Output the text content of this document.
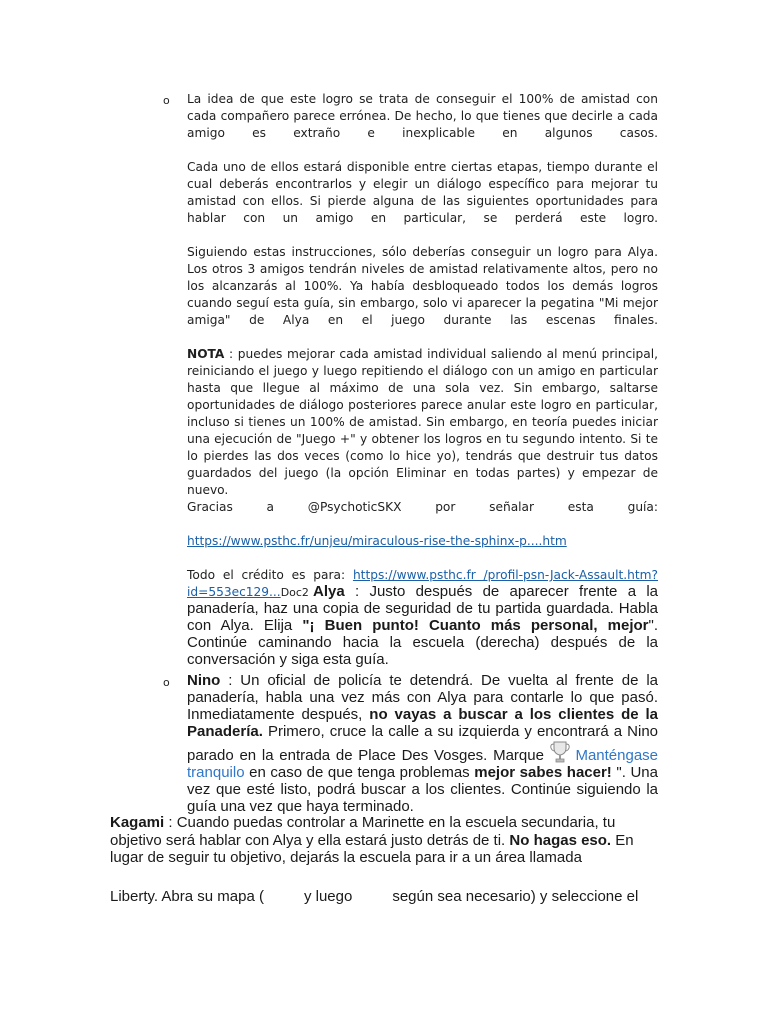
o La idea de que este logro se trata de conseguir el 100% de amistad con cada compañero parece errónea. De hecho, lo que tienes que decirle a cada amigo es extraño e inexplicable en algunos casos.
Cada uno de ellos estará disponible entre ciertas etapas, tiempo durante el cual deberás encontrarlos y elegir un diálogo específico para mejorar tu amistad con ellos. Si pierde alguna de las siguientes oportunidades para hablar con un amigo en particular, se perderá este logro.
Siguiendo estas instrucciones, sólo deberías conseguir un logro para Alya. Los otros 3 amigos tendrán niveles de amistad relativamente altos, pero no los alcanzarás al 100%. Ya había desbloqueado todos los demás logros cuando seguí esta guía, sin embargo, solo vi aparecer la pegatina "Mi mejor amiga" de Alya en el juego durante las escenas finales.
NOTA : puedes mejorar cada amistad individual saliendo al menú principal, reiniciando el juego y luego repitiendo el diálogo con un amigo en particular hasta que llegue al máximo de una sola vez. Sin embargo, saltarse oportunidades de diálogo posteriores parece anular este logro en particular, incluso si tienes un 100% de amistad. Sin embargo, en teoría puedes iniciar una ejecución de "Juego +" y obtener los logros en tu segundo intento. Si te lo pierdes las dos veces (como lo hice yo), tendrás que destruir tus datos guardados del juego (la opción Eliminar en todas partes) y empezar de nuevo.
Gracias a @PsychoticSKX por señalar esta guía:
https://www.psthc.fr/unjeu/miraculous-rise-the-sphinx-p....htm
Todo el crédito es para: https://www.psthc.fr /profil-psn-Jack-Assault.htm?id=553ec129...Doc2 Alya : Justo después de aparecer frente a la panadería, haz una copia de seguridad de tu partida guardada. Habla con Alya. Elija "¡ Buen punto! Cuanto más personal, mejor". Continúe caminando hacia la escuela (derecha) después de la conversación y siga esta guía.
o Nino : Un oficial de policía te detendrá. De vuelta al frente de la panadería, habla una vez más con Alya para contarle lo que pasó. Inmediatamente después, no vayas a buscar a los clientes de la Panadería. Primero, cruce la calle a su izquierda y encontrará a Nino parado en la entrada de Place Des Vosges. Marque Manténgase tranquilo en caso de que tenga problemas mejor sabes hacer! ". Una vez que esté listo, podrá buscar a los clientes. Continúe siguiendo la guía una vez que haya terminado.
Kagami : Cuando puedas controlar a Marinette en la escuela secundaria, tu objetivo será hablar con Alya y ella estará justo detrás de ti. No hagas eso. En lugar de seguir tu objetivo, dejarás la escuela para ir a un área llamada
Liberty. Abra su mapa (	y luego	según sea necesario) y seleccione el
